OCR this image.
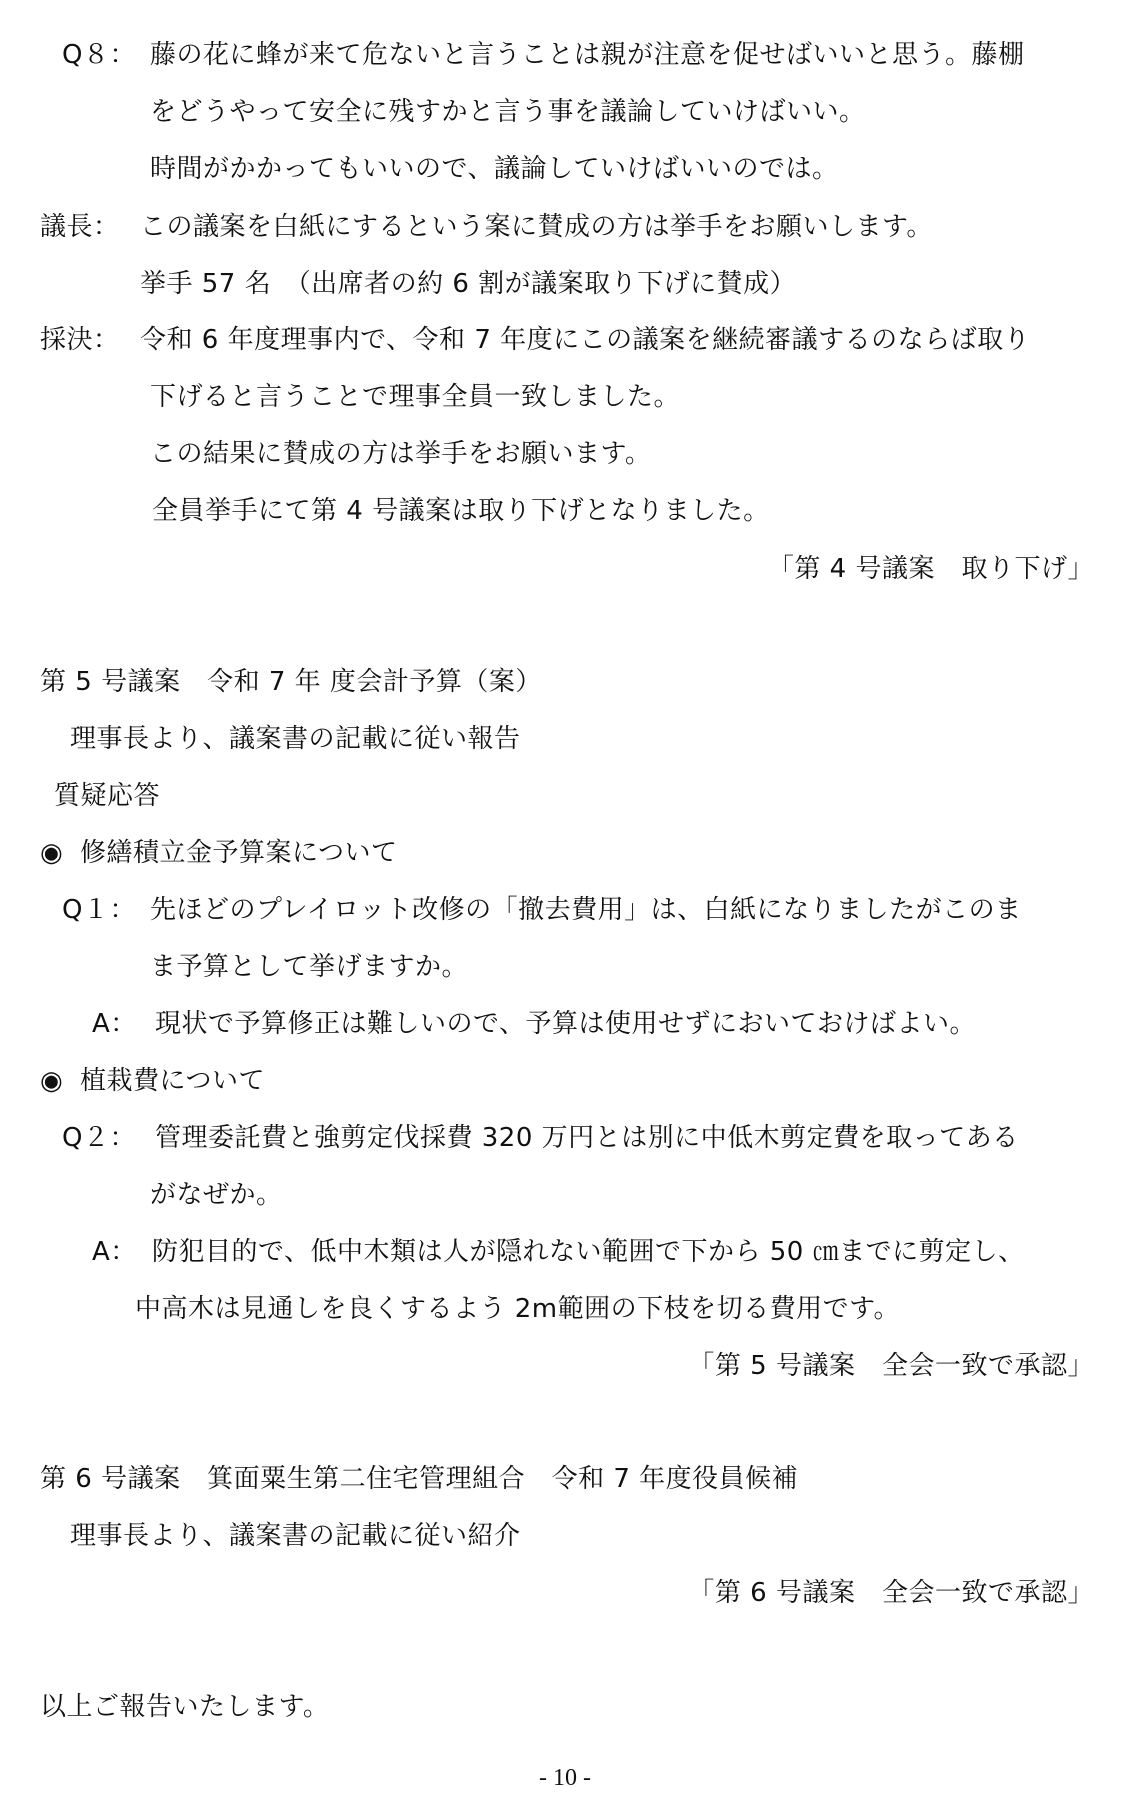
Q８： 藤の花に蜂が来て危ないと言うことは親が注意を促せばいいと思う。藤棚
をどうやって安全に残すかと言う事を議論していけばいい。
時間がかかってもいいので、議論していけばいいのでは。
議長： この議案を白紙にするという案に賛成の方は挙手をお願いします。
挙手 57 名　（出席者の約 6 割が議案取り下げに賛成）
採決： 令和 6 年度理事内で、令和 7 年度にこの議案を継続審議するのならば取り
下げると言うことで理事全員一致しました。
この結果に賛成の方は挙手をお願います。
全員挙手にて第 4 号議案は取り下げとなりました。
「第 4 号議案　取り下げ」
第 5 号議案　令和 7 年 度会計予算（案）
理事長より、議案書の記載に従い報告
質疑応答
◉ 修繕積立金予算案について
Q１： 先ほどのプレイロット改修の「撤去費用」は、白紙になりましたがこのま
ま予算として挙げますか。
A： 現状で予算修正は難しいので、予算は使用せずにおいておけばよい。
◉ 植栽費について
Q２： 管理委託費と強剪定伐採費 320 万円とは別に中低木剪定費を取ってある
がなぜか。
A： 防犯目的で、低中木類は人が隠れない範囲で下から 50 ㎝までに剪定し、
中高木は見通しを良くするよう 2m範囲の下枝を切る費用です。
「第 5 号議案　全会一致で承認」
第 6 号議案　箕面粟生第二住宅管理組合　令和 7 年度役員候補
理事長より、議案書の記載に従い紹介
「第 6 号議案　全会一致で承認」
以上ご報告いたします。
- 10 -
